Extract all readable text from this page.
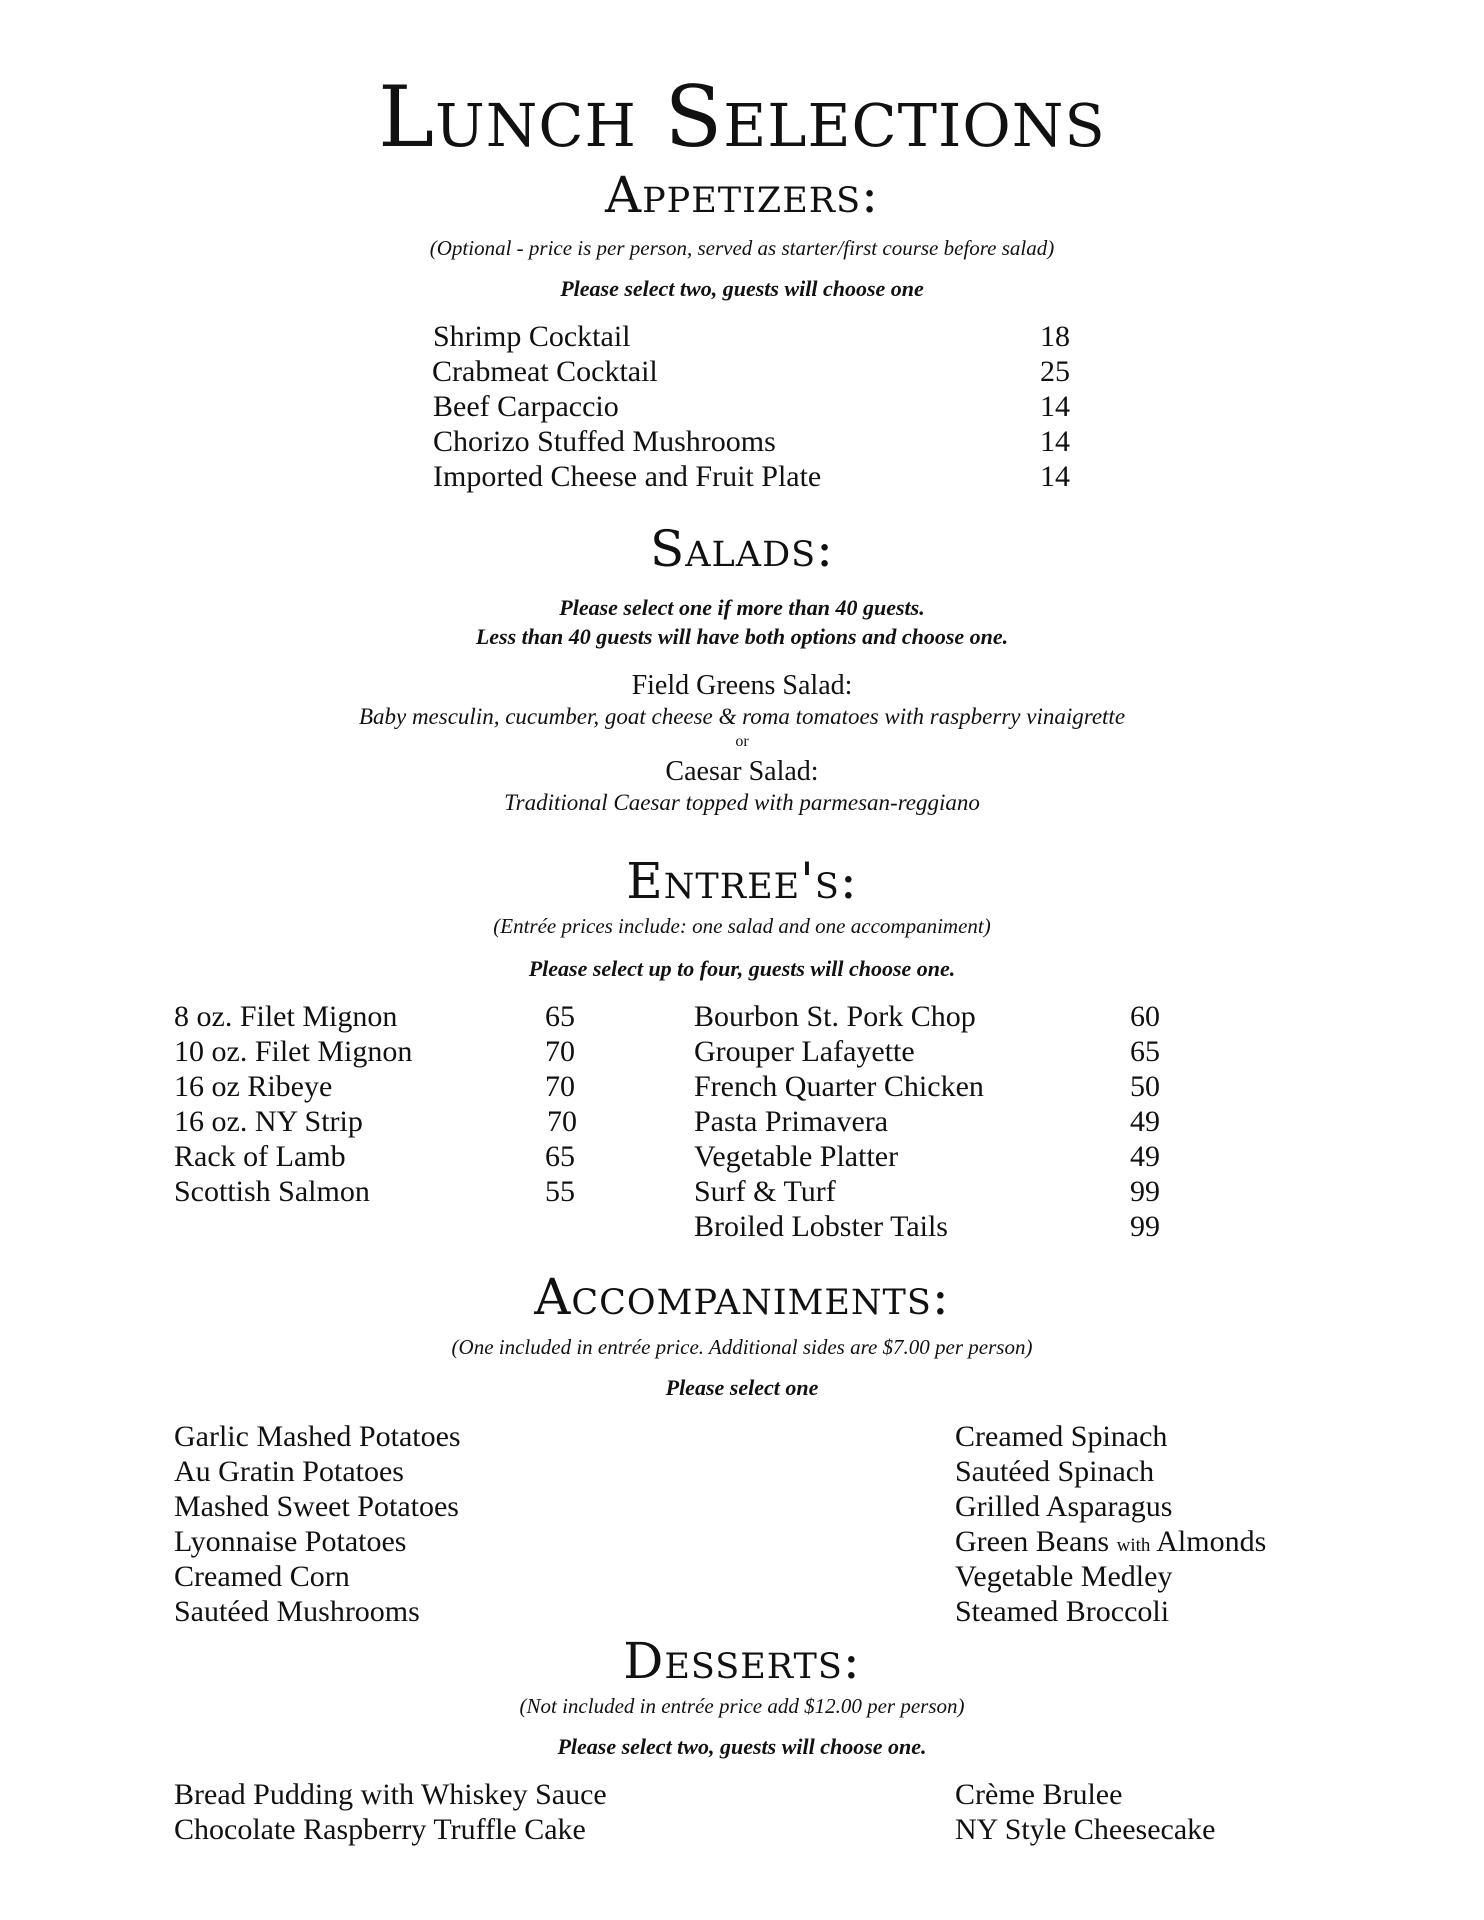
Lunch Selections
Appetizers:
(Optional - price is per person, served as starter/first course before salad)
Please select two, guests will choose one
Shrimp Cocktail	18
Crabmeat Cocktail	25
Beef Carpaccio	14
Chorizo Stuffed Mushrooms	14
Imported Cheese and Fruit Plate	14
Salads:
Please select one if more than 40 guests.
Less than 40 guests will have both options and choose one.
Field Greens Salad:
Baby mesculin, cucumber, goat cheese & roma tomatoes with raspberry vinaigrette
or
Caesar Salad:
Traditional Caesar topped with parmesan-reggiano
Entree's:
(Entrée prices include: one salad and one accompaniment)
Please select up to four, guests will choose one.
8 oz. Filet Mignon	65
10 oz. Filet Mignon	70
16 oz Ribeye	70
16 oz. NY Strip	70
Rack of Lamb	65
Scottish Salmon	55
Bourbon St. Pork Chop	60
Grouper Lafayette	65
French Quarter Chicken	50
Pasta Primavera	49
Vegetable Platter	49
Surf & Turf	99
Broiled Lobster Tails	99
Accompaniments:
(One included in entrée price. Additional sides are $7.00 per person)
Please select one
Garlic Mashed Potatoes
Au Gratin Potatoes
Mashed Sweet Potatoes
Lyonnaise Potatoes
Creamed Corn
Sautéed Mushrooms
Creamed Spinach
Sautéed Spinach
Grilled Asparagus
Green Beans with Almonds
Vegetable Medley
Steamed Broccoli
Desserts:
(Not included in entrée price add $12.00 per person)
Please select two, guests will choose one.
Bread Pudding with Whiskey Sauce
Chocolate Raspberry Truffle Cake
Crème Brulee
NY Style Cheesecake
